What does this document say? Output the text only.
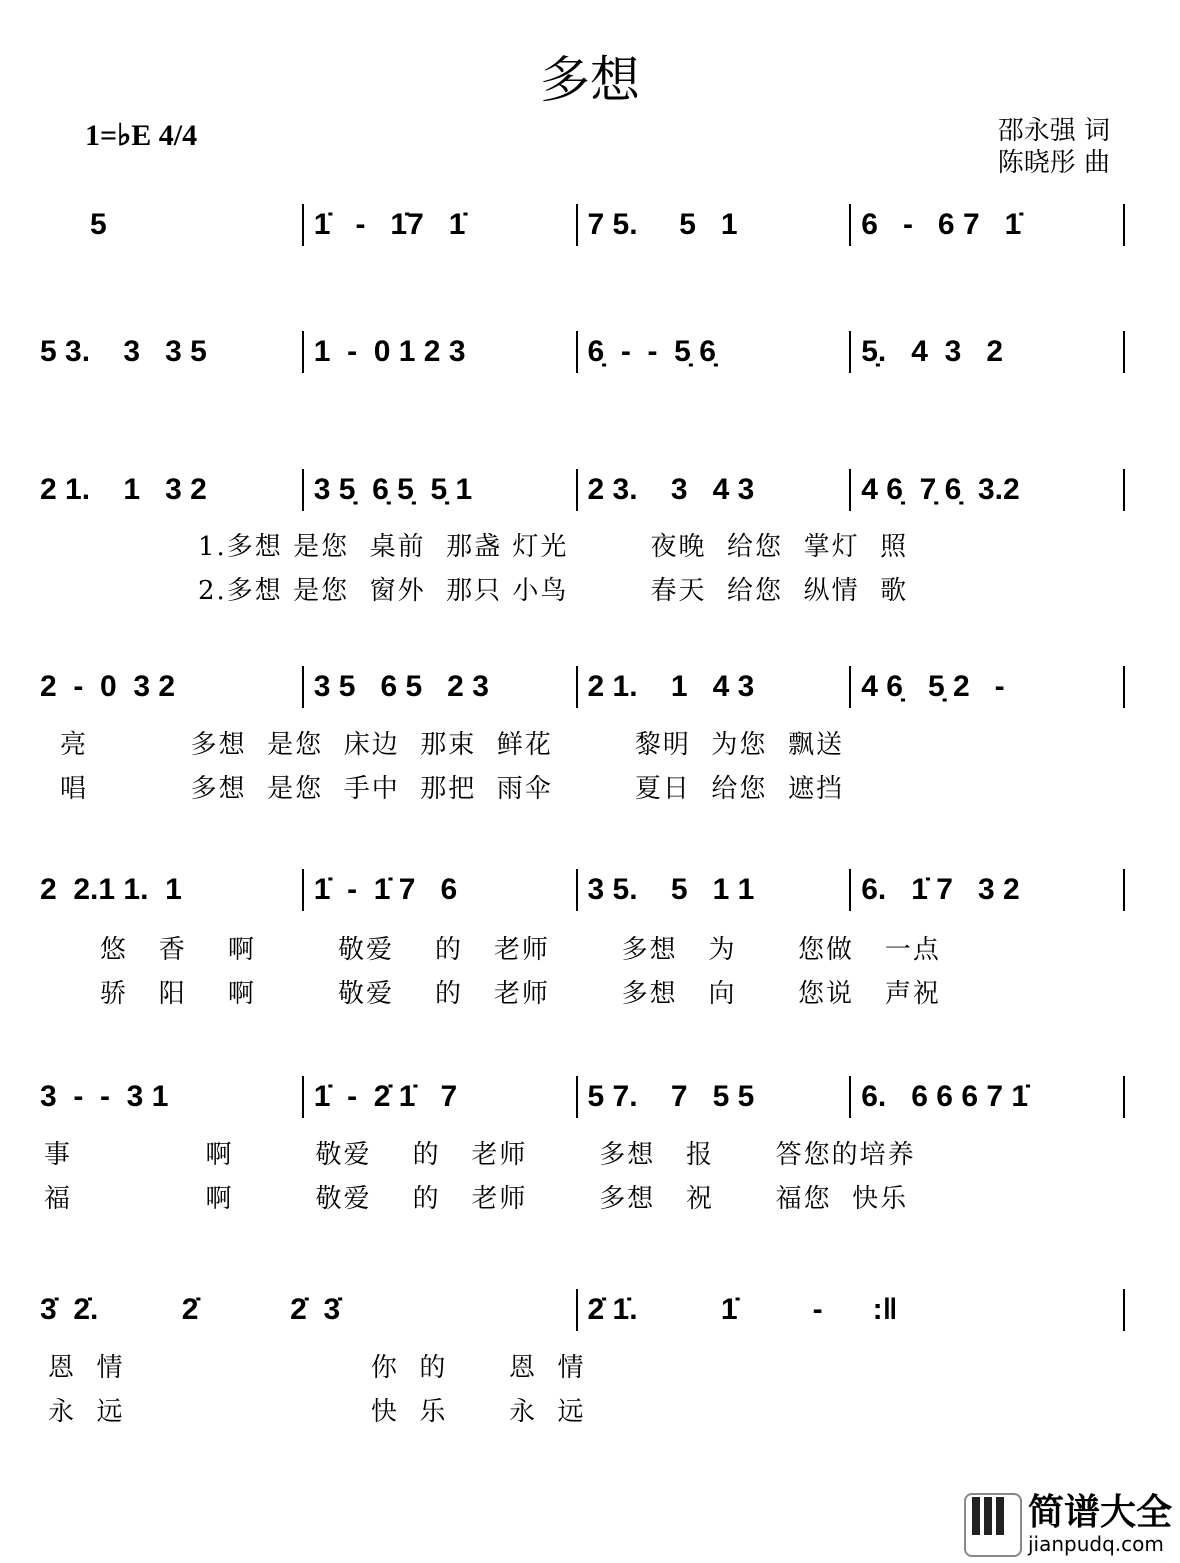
多想
1=♭E 4/4	邵永强 词
陈晓彤 曲
5	1̇   -   1̇7   1̇	7 5.     5   1	6   -   6 7   1̇
5 3.    3   3 5	1  -  0 1 2 3	6̣  -  -  5̣ 6̣	5̣.   4  3   2
2 1.    1   3 2	3 5̣  6̣ 5̣  5̣ 1	2 3.    3   4 3	4 6̣  7̣ 6̣  3.2
1.多想 是您  桌前  那盏 灯光        夜晚  给您  掌灯  照
2.多想 是您  窗外  那只 小鸟        春天  给您  纵情  歌
2  -  0  3 2	3 5   6 5   2 3	2 1.    1   4 3	4 6̣   5̣ 2   -
亮          多想  是您  床边  那束  鲜花        黎明  为您  飘送
唱          多想  是您  手中  那把  雨伞        夏日  给您  遮挡
2  2.1 1.  1	1̇  -  1̇ 7   6	3 5.    5   1 1	6.   1̇ 7   3 2
悠   香    啊        敬爱    的   老师       多想   为      您做   一点
骄   阳    啊        敬爱    的   老师       多想   向      您说   声祝
3  -  -  3 1	1̇  -  2̇ 1̇   7	5 7.    7   5 5	6.   6 6 6 7 1̇
事             啊        敬爱    的   老师       多想   报      答您的培养
福             啊        敬爱    的   老师       多想   祝      福您  快乐
3̇  2̇.          2̇           2̇  3̇	2̇ 1̇.          1̇         -      :‖
恩  情                        你  的      恩  情
永  远                        快  乐      永  远
简谱大全
jianpudq.com
